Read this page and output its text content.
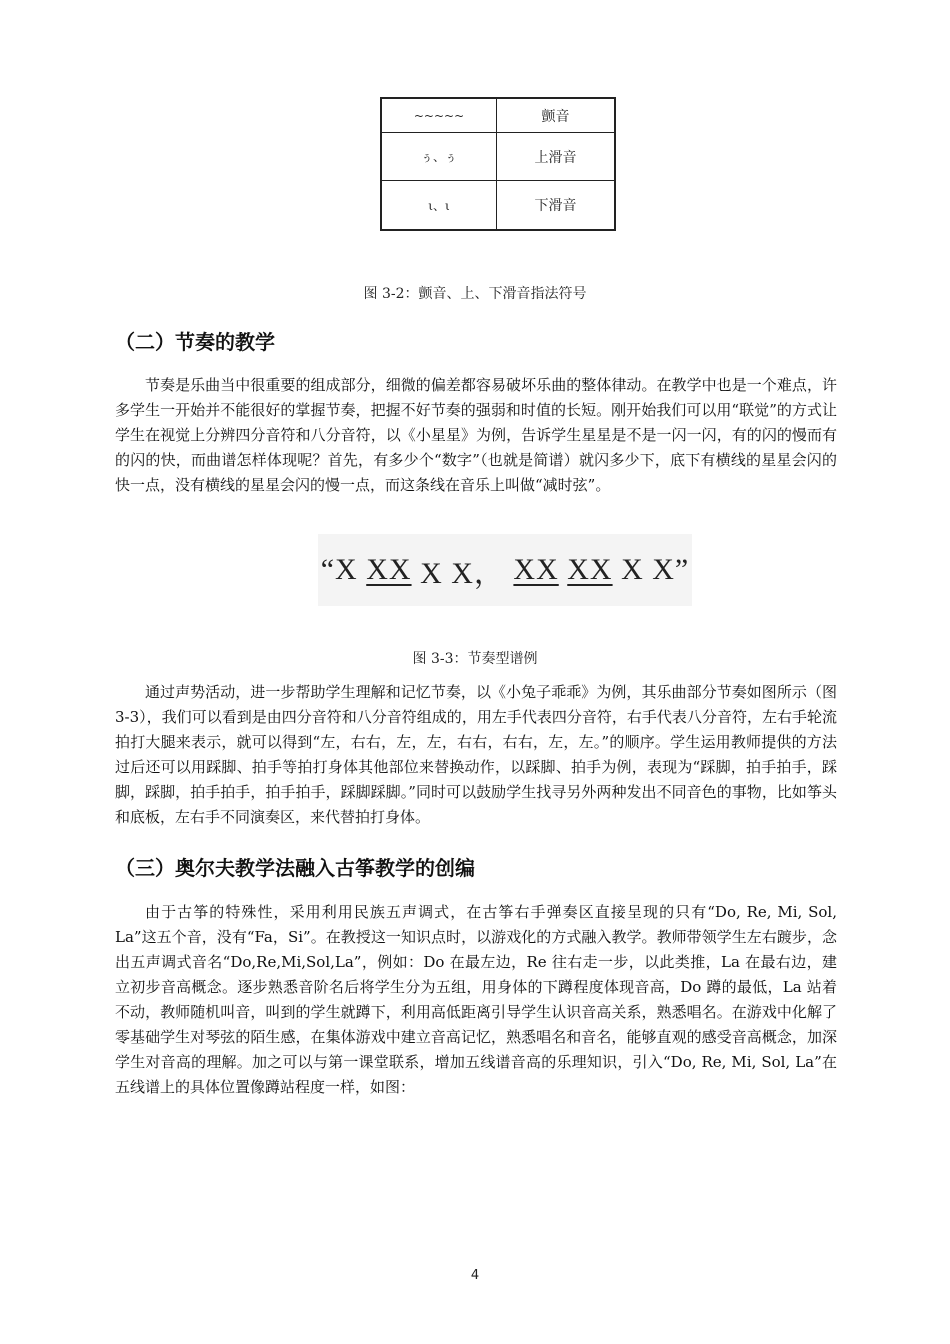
~~~~~	颤音
ぅ、ぅ	上滑音
ι、ι	下滑音
图 3-2：颤音、上、下滑音指法符号
（二）节奏的教学

节奏是乐曲当中很重要的组成部分，细微的偏差都容易破坏乐曲的整体律动。在教学中也是一个难点，许多学生一开始并不能很好的掌握节奏，把握不好节奏的强弱和时值的长短。刚开始我们可以用“联觉”的方式让学生在视觉上分辨四分音符和八分音符，以《小星星》为例，告诉学生星星是不是一闪一闪，有的闪的慢而有的闪的快，而曲谱怎样体现呢？首先，有多少个“数字”（也就是简谱）就闪多少下，底下有横线的星星会闪的快一点，没有横线的星星会闪的慢一点，而这条线在音乐上叫做“减时弦”。

“X XX X X，
XX
XX X X”
图 3-3：节奏型谱例

通过声势活动，进一步帮助学生理解和记忆节奏，以《小兔子乖乖》为例，其乐曲部分节奏如图所示（图 3-3），我们可以看到是由四分音符和八分音符组成的，用左手代表四分音符，右手代表八分音符，左右手轮流拍打大腿来表示，就可以得到“左，右右，左，左，右右，右右，左，左。”的顺序。学生运用教师提供的方法过后还可以用踩脚、拍手等拍打身体其他部位来替换动作，以踩脚、拍手为例，表现为“踩脚，拍手拍手，踩脚，踩脚，拍手拍手，拍手拍手，踩脚踩脚。”同时可以鼓励学生找寻另外两种发出不同音色的事物，比如筝头和底板，左右手不同演奏区，来代替拍打身体。

（三）奥尔夫教学法融入古筝教学的创编

由于古筝的特殊性，采用利用民族五声调式，在古筝右手弹奏区直接呈现的只有“Do, Re, Mi, Sol, La”这五个音，没有“Fa，Si”。在教授这一知识点时，以游戏化的方式融入教学。教师带领学生左右踱步，念出五声调式音名“Do,Re,Mi,Sol,La”，例如：Do 在最左边，Re 往右走一步，以此类推，La 在最右边，建立初步音高概念。逐步熟悉音阶名后将学生分为五组，用身体的下蹲程度体现音高，Do 蹲的最低，La 站着不动，教师随机叫音，叫到的学生就蹲下，利用高低距离引导学生认识音高关系，熟悉唱名。在游戏中化解了零基础学生对琴弦的陌生感，在集体游戏中建立音高记忆，熟悉唱名和音名，能够直观的感受音高概念，加深学生对音高的理解。加之可以与第一课堂联系，增加五线谱音高的乐理知识，引入“Do, Re, Mi, Sol, La”在五线谱上的具体位置像蹲站程度一样，如图：

4
